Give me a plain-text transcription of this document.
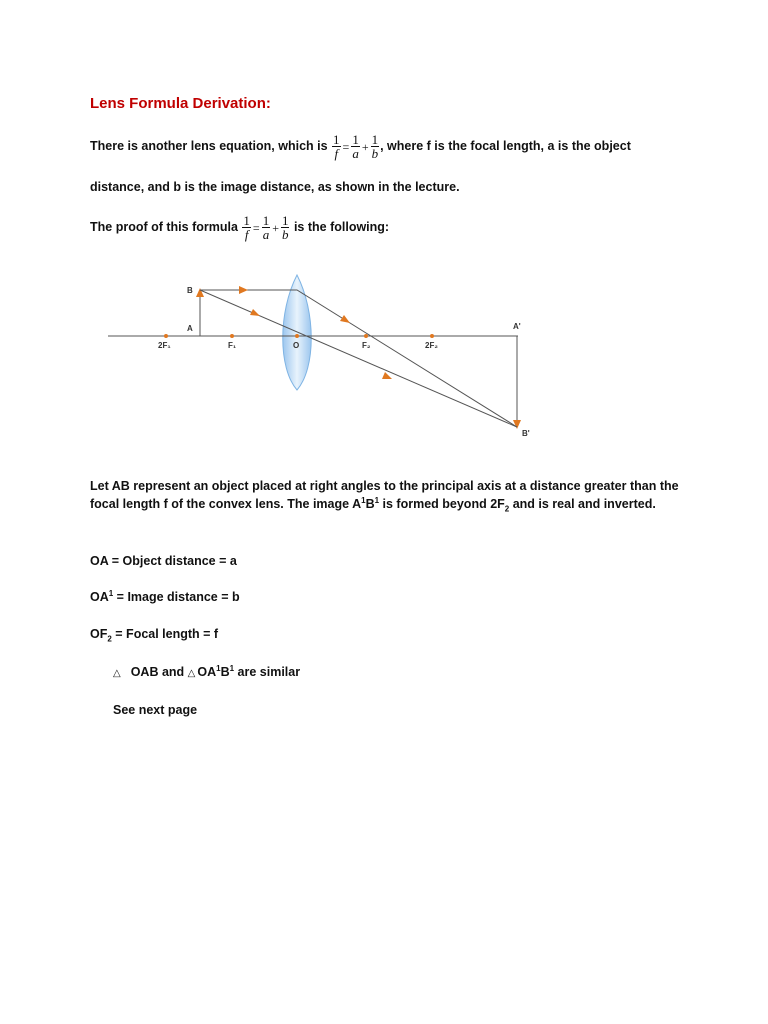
Lens Formula Derivation:

There is another lens equation, which is $\frac{1}{f} = \frac{1}{a} + \frac{1}{b}$ , where f is the focal length, a is the object

distance, and b is the image distance, as shown in the lecture.

The proof of this formula $\frac{1}{f} = \frac{1}{a} + \frac{1}{b}$ is the following:

B
A
2F₁	F₁	O	F₂	2F₂
A'
B'

Let AB represent an object placed at right angles to the principal axis at a distance greater than the focal length f of the convex lens. The image $A^1B^1$ is formed beyond $2F_2$ and is real and inverted.

OA = Object distance = a

$OA^1$ = Image distance = b

$OF_2$ = Focal length = f

△ OAB and △ $OA^1B^1$ are similar

See next page
